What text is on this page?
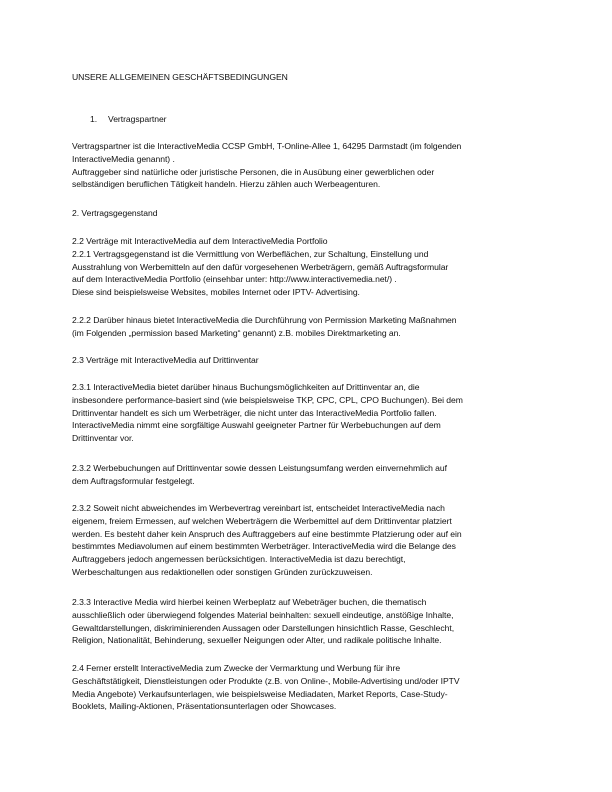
UNSERE ALLGEMEINEN GESCHÄFTSBEDINGUNGEN
1. Vertragspartner
Vertragspartner ist die InteractiveMedia CCSP GmbH, T-Online-Allee 1, 64295 Darmstadt (im folgenden
InteractiveMedia genannt) .
Auftraggeber sind natürliche oder juristische Personen, die in Ausübung einer gewerblichen oder
selbständigen beruflichen Tätigkeit handeln. Hierzu zählen auch Werbeagenturen.
2. Vertragsgegenstand
2.2 Verträge mit InteractiveMedia auf dem InteractiveMedia Portfolio
2.2.1 Vertragsgegenstand ist die Vermittlung von Werbeflächen, zur Schaltung, Einstellung und
Ausstrahlung von Werbemitteln auf den dafür vorgesehenen Werbeträgern, gemäß Auftragsformular
auf dem InteractiveMedia Portfolio (einsehbar unter: http://www.interactivemedia.net/) .
Diese sind beispielsweise Websites, mobiles Internet oder IPTV- Advertising.
2.2.2 Darüber hinaus bietet InteractiveMedia die Durchführung von Permission Marketing Maßnahmen
(im Folgenden „permission based Marketing“ genannt) z.B. mobiles Direktmarketing an.
2.3 Verträge mit InteractiveMedia auf Drittinventar
2.3.1 InteractiveMedia bietet darüber hinaus Buchungsmöglichkeiten auf Drittinventar an, die
insbesondere performance-basiert sind (wie beispielsweise TKP, CPC, CPL, CPO Buchungen). Bei dem
Drittinventar handelt es sich um Werbeträger, die nicht unter das InteractiveMedia Portfolio fallen.
InteractiveMedia nimmt eine sorgfältige Auswahl geeigneter Partner für Werbebuchungen auf dem
Drittinventar vor.
2.3.2 Werbebuchungen auf Drittinventar sowie dessen Leistungsumfang werden einvernehmlich auf
dem Auftragsformular festgelegt.
2.3.2 Soweit nicht abweichendes im Werbevertrag vereinbart ist, entscheidet InteractiveMedia nach
eigenem, freiem Ermessen, auf welchen Weberträgern die Werbemittel auf dem Drittinventar platziert
werden. Es besteht daher kein Anspruch des Auftraggebers auf eine bestimmte Platzierung oder auf ein
bestimmtes Mediavolumen auf einem bestimmten Werbeträger. InteractiveMedia wird die Belange des
Auftraggebers jedoch angemessen berücksichtigen. InteractiveMedia ist dazu berechtigt,
Werbeschaltungen aus redaktionellen oder sonstigen Gründen zurückzuweisen.
2.3.3 Interactive Media wird hierbei keinen Werbeplatz auf Webeträger buchen, die thematisch
ausschließlich oder überwiegend folgendes Material beinhalten: sexuell eindeutige, anstößige Inhalte,
Gewaltdarstellungen, diskriminierenden Aussagen oder Darstellungen hinsichtlich Rasse, Geschlecht,
Religion, Nationalität, Behinderung, sexueller Neigungen oder Alter, und radikale politische Inhalte.
2.4 Ferner erstellt InteractiveMedia zum Zwecke der Vermarktung und Werbung für ihre
Geschäftstätigkeit, Dienstleistungen oder Produkte (z.B. von Online-, Mobile-Advertising und/oder IPTV
Media Angebote) Verkaufsunterlagen, wie beispielsweise Mediadaten, Market Reports, Case-Study-
Booklets, Mailing-Aktionen, Präsentationsunterlagen oder Showcases.
